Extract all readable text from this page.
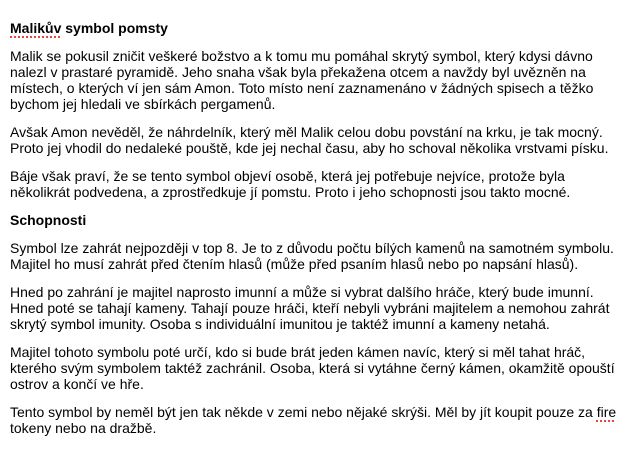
Malikův symbol pomsty

Malik se pokusil zničit veškeré božstvo a k tomu mu pomáhal skrytý symbol, který kdysi dávno nalezl v prastaré pyramidě. Jeho snaha však byla překažena otcem a navždy byl uvězněn na místech, o kterých ví jen sám Amon. Toto místo není zaznamenáno v žádných spisech a těžko bychom jej hledali ve sbírkách pergamenů.

Avšak Amon nevěděl, že náhrdelník, který měl Malik celou dobu povstání na krku, je tak mocný. Proto jej vhodil do nedaleké pouště, kde jej nechal času, aby ho schoval několika vrstvami písku.

Báje však praví, že se tento symbol objeví osobě, která jej potřebuje nejvíce, protože byla několikrát podvedena, a zprostředkuje jí pomstu. Proto i jeho schopnosti jsou takto mocné.

Schopnosti

Symbol lze zahrát nejpozději v top 8. Je to z důvodu počtu bílých kamenů na samotném symbolu. Majitel ho musí zahrát před čtením hlasů (může před psaním hlasů nebo po napsání hlasů).

Hned po zahrání je majitel naprosto imunní a může si vybrat dalšího hráče, který bude imunní. Hned poté se tahají kameny. Tahají pouze hráči, kteří nebyli vybráni majitelem a nemohou zahrát skrytý symbol imunity. Osoba s individuální imunitou je taktéž imunní a kameny netahá.

Majitel tohoto symbolu poté určí, kdo si bude brát jeden kámen navíc, který si měl tahat hráč, kterého svým symbolem taktéž zachránil. Osoba, která si vytáhne černý kámen, okamžitě opouští ostrov a končí ve hře.

Tento symbol by neměl být jen tak někde v zemi nebo nějaké skrýši. Měl by jít koupit pouze za fire tokeny nebo na dražbě.
